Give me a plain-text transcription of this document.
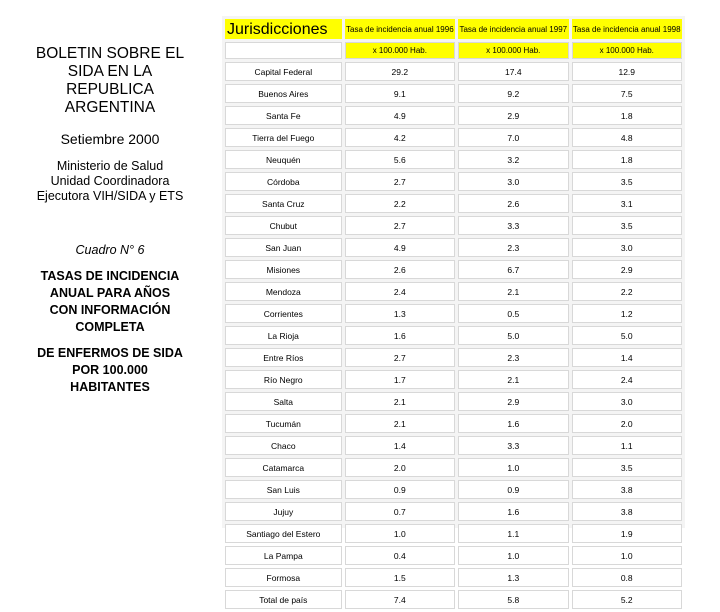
BOLETIN SOBRE EL
SIDA EN LA
REPUBLICA
ARGENTINA

Setiembre 2000

Ministerio de Salud
Unidad Coordinadora
Ejecutora VIH/SIDA y ETS

Cuadro N° 6

TASAS DE INCIDENCIA
ANUAL PARA AÑOS
CON INFORMACIÓN
COMPLETA

DE ENFERMOS DE SIDA
POR 100.000
HABITANTES

Jurisdicciones	Tasa de incidencia anual 1996	Tasa de incidencia anual 1997	Tasa de incidencia anual 1998
	x 100.000 Hab.	x 100.000 Hab.	x 100.000 Hab.
Capital Federal	29.2	17.4	12.9
Buenos Aires	9.1	9.2	7.5
Santa Fe	4.9	2.9	1.8
Tierra del Fuego	4.2	7.0	4.8
Neuquén	5.6	3.2	1.8
Córdoba	2.7	3.0	3.5
Santa Cruz	2.2	2.6	3.1
Chubut	2.7	3.3	3.5
San Juan	4.9	2.3	3.0
Misiones	2.6	6.7	2.9
Mendoza	2.4	2.1	2.2
Corrientes	1.3	0.5	1.2
La Rioja	1.6	5.0	5.0
Entre Ríos	2.7	2.3	1.4
Río Negro	1.7	2.1	2.4
Salta	2.1	2.9	3.0
Tucumán	2.1	1.6	2.0
Chaco	1.4	3.3	1.1
Catamarca	2.0	1.0	3.5
San Luis	0.9	0.9	3.8
Jujuy	0.7	1.6	3.8
Santiago del Estero	1.0	1.1	1.9
La Pampa	0.4	1.0	1.0
Formosa	1.5	1.3	0.8
Total de país	7.4	5.8	5.2
